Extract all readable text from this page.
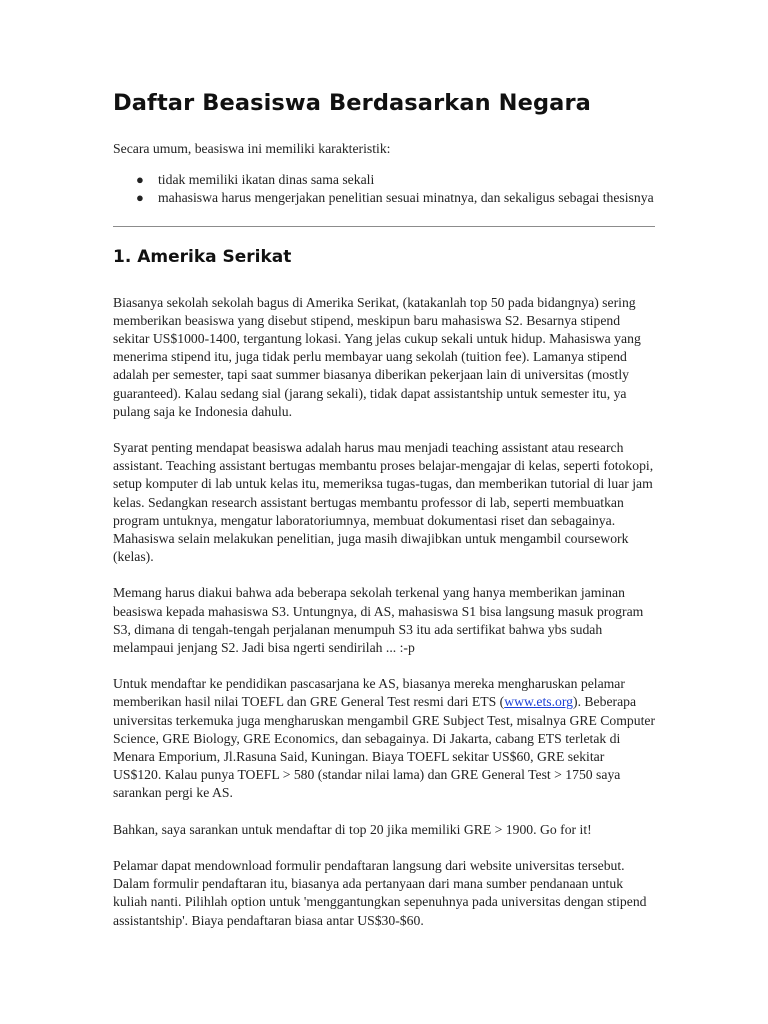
Daftar Beasiswa Berdasarkan Negara

Secara umum, beasiswa ini memiliki karakteristik:

● tidak memiliki ikatan dinas sama sekali
● mahasiswa harus mengerjakan penelitian sesuai minatnya, dan sekaligus sebagai thesisnya
1. Amerika Serikat

Biasanya sekolah sekolah bagus di Amerika Serikat, (katakanlah top 50 pada bidangnya) sering memberikan beasiswa yang disebut stipend, meskipun baru mahasiswa S2. Besarnya stipend sekitar US$1000-1400, tergantung lokasi. Yang jelas cukup sekali untuk hidup. Mahasiswa yang menerima stipend itu, juga tidak perlu membayar uang sekolah (tuition fee). Lamanya stipend adalah per semester, tapi saat summer biasanya diberikan pekerjaan lain di universitas (mostly guaranteed). Kalau sedang sial (jarang sekali), tidak dapat assistantship untuk semester itu, ya pulang saja ke Indonesia dahulu.

Syarat penting mendapat beasiswa adalah harus mau menjadi teaching assistant atau research assistant. Teaching assistant bertugas membantu proses belajar-mengajar di kelas, seperti fotokopi, setup komputer di lab untuk kelas itu, memeriksa tugas-tugas, dan memberikan tutorial di luar jam kelas. Sedangkan research assistant bertugas membantu professor di lab, seperti membuatkan program untuknya, mengatur laboratoriumnya, membuat dokumentasi riset dan sebagainya. Mahasiswa selain melakukan penelitian, juga masih diwajibkan untuk mengambil coursework (kelas).

Memang harus diakui bahwa ada beberapa sekolah terkenal yang hanya memberikan jaminan beasiswa kepada mahasiswa S3. Untungnya, di AS, mahasiswa S1 bisa langsung masuk program S3, dimana di tengah-tengah perjalanan menumpuh S3 itu ada sertifikat bahwa ybs sudah melampaui jenjang S2. Jadi bisa ngerti sendirilah ... :-p

Untuk mendaftar ke pendidikan pascasarjana ke AS, biasanya mereka mengharuskan pelamar memberikan hasil nilai TOEFL dan GRE General Test resmi dari ETS (www.ets.org). Beberapa universitas terkemuka juga mengharuskan mengambil GRE Subject Test, misalnya GRE Computer Science, GRE Biology, GRE Economics, dan sebagainya. Di Jakarta, cabang ETS terletak di Menara Emporium, Jl.Rasuna Said, Kuningan. Biaya TOEFL sekitar US$60, GRE sekitar US$120. Kalau punya TOEFL > 580 (standar nilai lama) dan GRE General Test > 1750 saya sarankan pergi ke AS.

Bahkan, saya sarankan untuk mendaftar di top 20 jika memiliki GRE > 1900. Go for it!

Pelamar dapat mendownload formulir pendaftaran langsung dari website universitas tersebut. Dalam formulir pendaftaran itu, biasanya ada pertanyaan dari mana sumber pendanaan untuk kuliah nanti. Pilihlah option untuk 'menggantungkan sepenuhnya pada universitas dengan stipend assistantship'. Biaya pendaftaran biasa antar US$30-$60.
